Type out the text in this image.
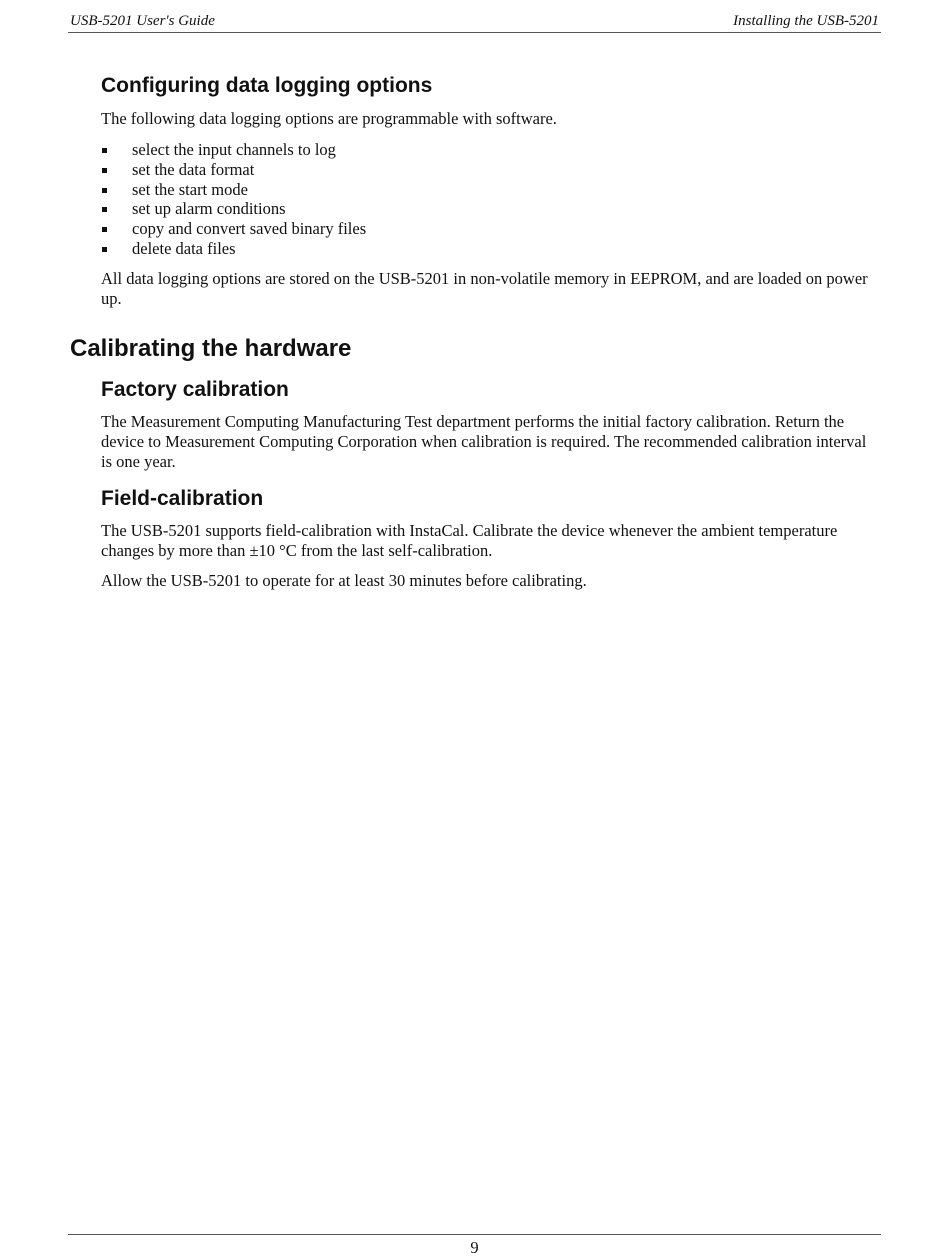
USB-5201 User's Guide	Installing the USB-5201
Configuring data logging options

The following data logging options are programmable with software.

select the input channels to log
set the data format
set the start mode
set up alarm conditions
copy and convert saved binary files
delete data files

All data logging options are stored on the USB-5201 in non-volatile memory in EEPROM, and are loaded on power up.

Calibrating the hardware
Factory calibration

The Measurement Computing Manufacturing Test department performs the initial factory calibration. Return the device to Measurement Computing Corporation when calibration is required. The recommended calibration interval is one year.

Field-calibration

The USB-5201 supports field-calibration with InstaCal. Calibrate the device whenever the ambient temperature changes by more than ±10 °C from the last self-calibration.

Allow the USB-5201 to operate for at least 30 minutes before calibrating.

9
